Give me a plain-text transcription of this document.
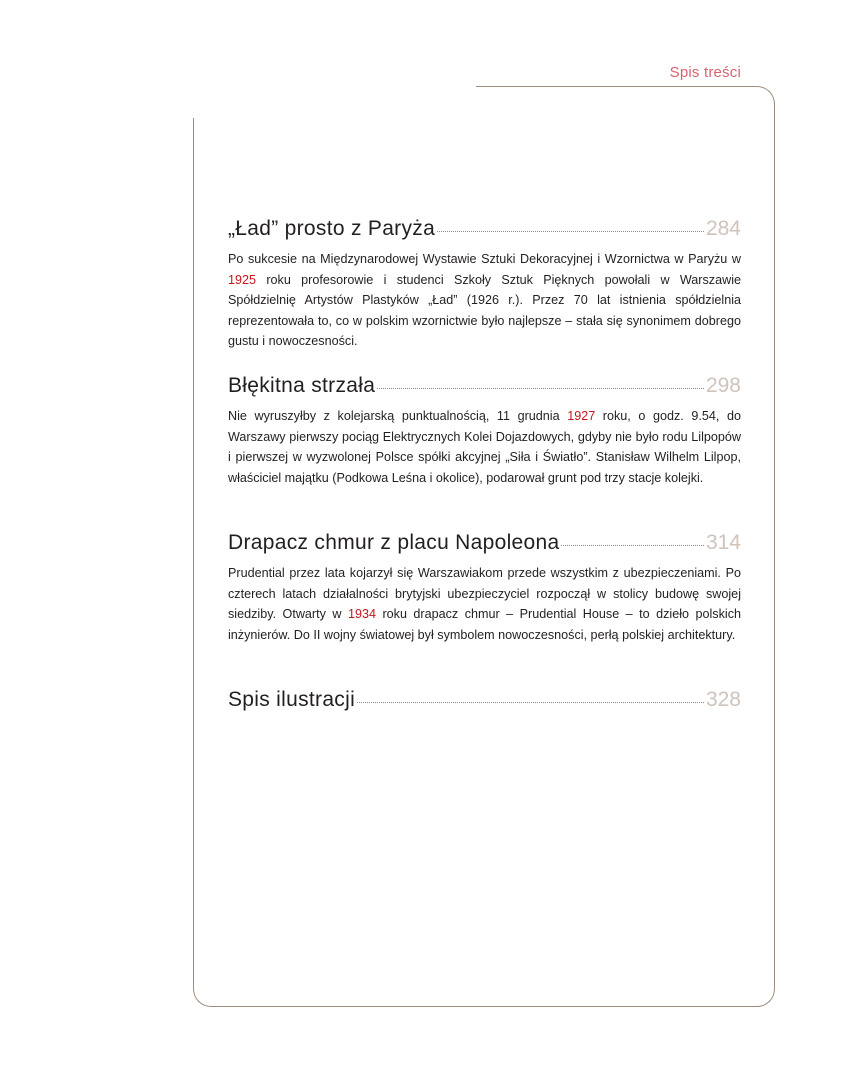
Spis treści
„Ład” prosto z Paryża	284
Po sukcesie na Międzynarodowej Wystawie Sztuki Dekoracyjnej i Wzornictwa w Paryżu w 1925 roku profesorowie i studenci Szkoły Sztuk Pięknych powołali w Warszawie Spółdzielnię Artystów Plastyków „Ład” (1926 r.). Przez 70 lat istnienia spółdzielnia reprezentowała to, co w polskim wzornictwie było najlepsze – stała się synonimem dobrego gustu i nowoczesności.
Błękitna strzała	298
Nie wyruszyłby z kolejarską punktualnością, 11 grudnia 1927 roku, o godz. 9.54, do Warszawy pierwszy pociąg Elektrycznych Kolei Dojazdowych, gdyby nie było rodu Lilpopów i pierwszej w wyzwolonej Polsce spółki akcyjnej „Siła i Światło”. Stanisław Wilhelm Lilpop, właściciel majątku (Podkowa Leśna i okolice), podarował grunt pod trzy stacje kolejki.
Drapacz chmur z placu Napoleona	314
Prudential przez lata kojarzył się Warszawiakom przede wszystkim z ubezpieczeniami. Po czterech latach działalności brytyjski ubezpieczyciel rozpoczął w stolicy budowę swojej siedziby. Otwarty w 1934 roku drapacz chmur – Prudential House – to dzieło polskich inżynierów. Do II wojny światowej był symbolem nowoczesności, perłą polskiej architektury.
Spis ilustracji	328
